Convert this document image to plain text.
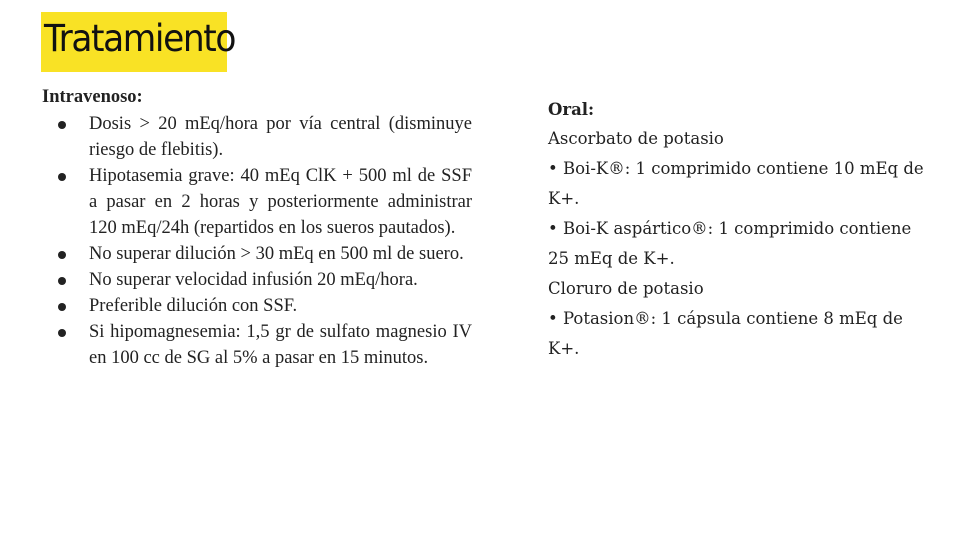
Tratamiento
Intravenoso:
Dosis > 20 mEq/hora por vía central (disminuye riesgo de flebitis).
Hipotasemia grave: 40 mEq ClK + 500 ml de SSF a pasar en 2 horas y posteriormente administrar 120 mEq/24h (repartidos en los sueros pautados).
No superar dilución > 30 mEq en 500 ml de suero.
No superar velocidad infusión 20 mEq/hora.
Preferible dilución con SSF.
Si hipomagnesemia: 1,5 gr de sulfato magnesio IV en 100 cc de SG al 5% a pasar en 15 minutos.
Oral:

Ascorbato de potasio

• Boi-K®: 1 comprimido contiene 10 mEq de K+.

• Boi-K aspártico®: 1 comprimido contiene 25 mEq de K+.

Cloruro de potasio

• Potasion®: 1 cápsula contiene 8 mEq de K+.
